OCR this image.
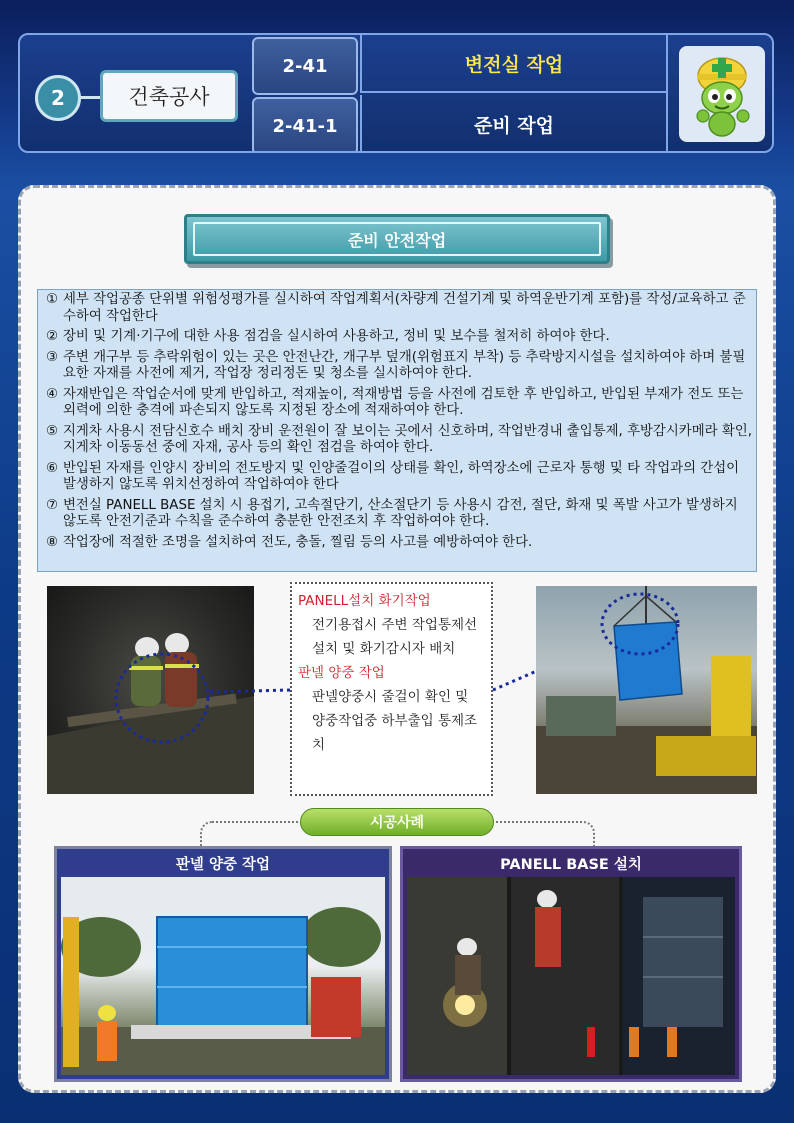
2	건축공사
2-41	변전실 작업
2-41-1	준비 작업
준비 안전작업
① 세부 작업공종 단위별 위험성평가를 실시하여 작업계획서(차량계 건설기계 및 하역운반기계 포함)를 작성/교육하고 준수하여 작업한다
② 장비 및 기계·기구에 대한 사용 점검을 실시하여 사용하고, 정비 및 보수를 철저히 하여야 한다.
③ 주변 개구부 등 추락위험이 있는 곳은 안전난간, 개구부 덮개(위험표지 부착) 등 추락방지시설을 설치하여야 하며 불필요한 자재를 사전에 제거, 작업장 정리정돈 및 청소를 실시하여야 한다.
④ 자재반입은 작업순서에 맞게 반입하고, 적재높이, 적재방법 등을 사전에 검토한 후 반입하고, 반입된 부재가 전도 또는 외력에 의한 충격에 파손되지 않도록 지정된 장소에 적재하여야 한다.
⑤ 지게차 사용시 전담신호수 배치 장비 운전원이 잘 보이는 곳에서 신호하며, 작업반경내 출입통제, 후방감시카메라 확인, 지게차 이동동선 중에 자재, 공사 등의 확인 점검을 하여야 한다.
⑥ 반입된 자재를 인양시 장비의 전도방지 및 인양줄걸이의 상태를 확인, 하역장소에 근로자 통행 및 타 작업과의 간섭이 발생하지 않도록 위치선정하여 작업하여야 한다
⑦ 변전실 PANELL BASE 설치 시 용접기, 고속절단기, 산소절단기 등 사용시 감전, 절단, 화재 및 폭발 사고가 발생하지 않도록 안전기준과 수칙을 준수하여 충분한 안전조치 후 작업하여야 한다.
⑧ 작업장에 적절한 조명을 설치하여 전도, 충돌, 찔림 등의 사고를 예방하여야 한다.
PANELL설치 화기작업
전기용접시 주변 작업통제선 설치 및 화기감시자 배치
판넬 양중 작업
판넬양중시 줄걸이 확인 및 양중작업중 하부출입 통제조치
시공사례
판넬 양중 작업	PANELL BASE 설치
